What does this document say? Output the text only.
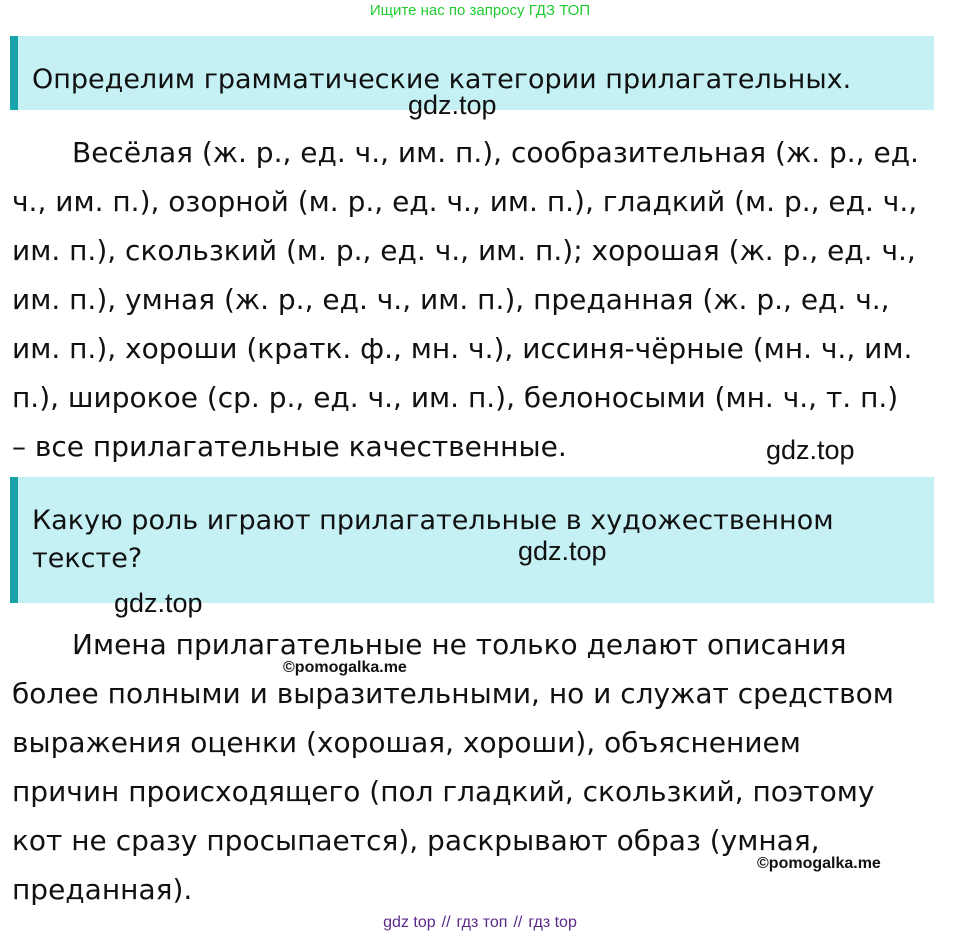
Ищите нас по запросу ГДЗ ТОП
Определим грамматические категории прилагательных.
Весёлая (ж. р., ед. ч., им. п.), сообразительная (ж. р., ед.
ч., им. п.), озорной (м. р., ед. ч., им. п.), гладкий (м. р., ед. ч.,
им. п.), скользкий (м. р., ед. ч., им. п.); хорошая (ж. р., ед. ч.,
им. п.), умная (ж. р., ед. ч., им. п.), преданная (ж. р., ед. ч.,
им. п.), хороши (кратк. ф., мн. ч.), иссиня-чёрные (мн. ч., им.
п.), широкое (ср. р., ед. ч., им. п.), белоносыми (мн. ч., т. п.)
– все прилагательные качественные.
Какую роль играют прилагательные в художественном
тексте?
Имена прилагательные не только делают описания
более полными и выразительными, но и служат средством
выражения оценки (хорошая, хороши), объяснением
причин происходящего (пол гладкий, скользкий, поэтому
кот не сразу просыпается), раскрывают образ (умная,
преданная).
gdz.top
gdz.top
gdz.top
gdz.top
©pomogalka.me
©pomogalka.me
gdz top // гдз топ // гдз top
